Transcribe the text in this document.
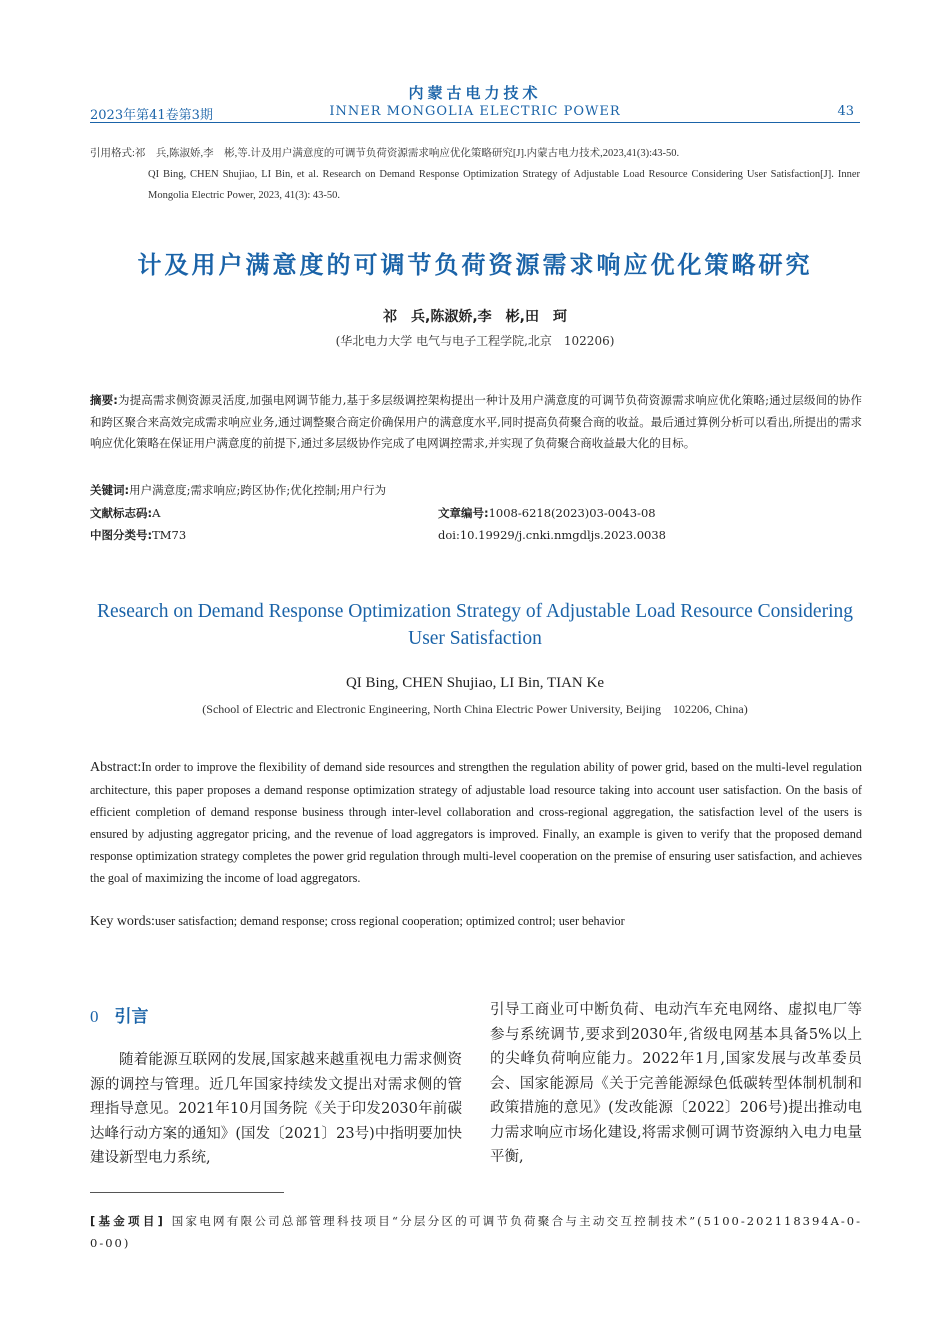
内蒙古电力技术
2023年第41卷第3期	INNER MONGOLIA ELECTRIC POWER	43
引用格式:祁　兵,陈淑娇,李　彬,等.计及用户满意度的可调节负荷资源需求响应优化策略研究[J].内蒙古电力技术,2023,41(3):43-50.
QI Bing, CHEN Shujiao, LI Bin, et al. Research on Demand Response Optimization Strategy of Adjustable Load Resource Considering User Satisfaction[J]. Inner Mongolia Electric Power, 2023, 41(3): 43-50.
计及用户满意度的可调节负荷资源需求响应优化策略研究
祁　兵,陈淑娇,李　彬,田　珂
(华北电力大学 电气与电子工程学院,北京　102206)
摘要:为提高需求侧资源灵活度,加强电网调节能力,基于多层级调控架构提出一种计及用户满意度的可调节负荷资源需求响应优化策略;通过层级间的协作和跨区聚合来高效完成需求响应业务,通过调整聚合商定价确保用户的满意度水平,同时提高负荷聚合商的收益。最后通过算例分析可以看出,所提出的需求响应优化策略在保证用户满意度的前提下,通过多层级协作完成了电网调控需求,并实现了负荷聚合商收益最大化的目标。
关键词:用户满意度;需求响应;跨区协作;优化控制;用户行为
文献标志码:A	文章编号:1008-6218(2023)03-0043-08
中图分类号:TM73	doi:10.19929/j.cnki.nmgdljs.2023.0038
Research on Demand Response Optimization Strategy of Adjustable Load Resource Considering User Satisfaction
QI Bing, CHEN Shujiao, LI Bin, TIAN Ke
(School of Electric and Electronic Engineering, North China Electric Power University, Beijing　102206, China)
Abstract:In order to improve the flexibility of demand side resources and strengthen the regulation ability of power grid, based on the multi-level regulation architecture, this paper proposes a demand response optimization strategy of adjustable load resource taking into account user satisfaction. On the basis of efficient completion of demand response business through inter-level collaboration and cross-regional aggregation, the satisfaction level of the users is ensured by adjusting aggregator pricing, and the revenue of load aggregators is improved. Finally, an example is given to verify that the proposed demand response optimization strategy completes the power grid regulation through multi-level cooperation on the premise of ensuring user satisfaction, and achieves the goal of maximizing the income of load aggregators.
Key words:user satisfaction; demand response; cross regional cooperation; optimized control; user behavior
0 引言
随着能源互联网的发展,国家越来越重视电力需求侧资源的调控与管理。近几年国家持续发文提出对需求侧的管理指导意见。2021年10月国务院《关于印发2030年前碳达峰行动方案的通知》(国发〔2021〕23号)中指明要加快建设新型电力系统,
引导工商业可中断负荷、电动汽车充电网络、虚拟电厂等参与系统调节,要求到2030年,省级电网基本具备5%以上的尖峰负荷响应能力。2022年1月,国家发展与改革委员会、国家能源局《关于完善能源绿色低碳转型体制机制和政策措施的意见》(发改能源〔2022〕206号)提出推动电力需求响应市场化建设,将需求侧可调节资源纳入电力电量平衡,
[基金项目] 国家电网有限公司总部管理科技项目“分层分区的可调节负荷聚合与主动交互控制技术”(5100-202118394A-0-0-00)
